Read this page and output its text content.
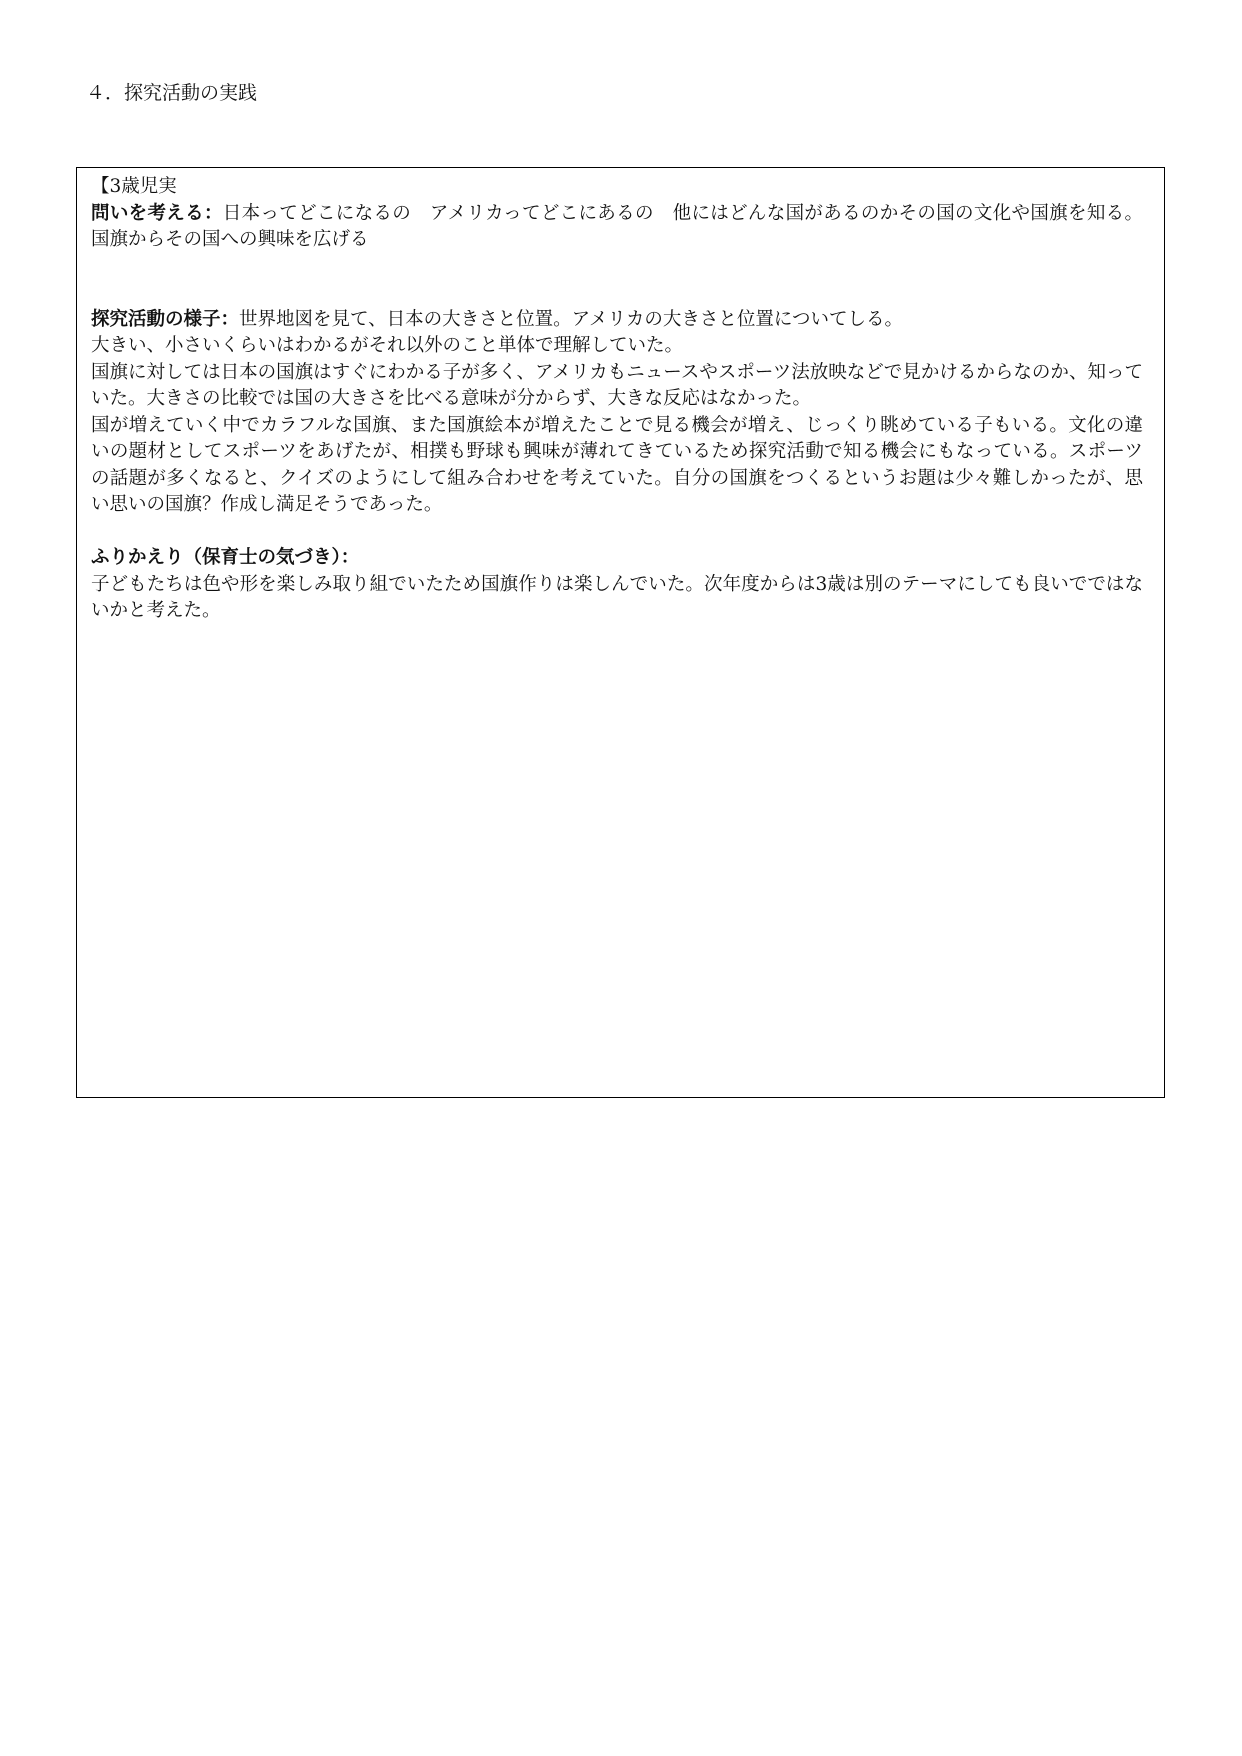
４．探究活動の実践

【3歳児実

問いを考える：日本ってどこになるの　アメリカってどこにあるの　他にはどんな国があるのかその国の文化や国旗を知る。国旗からその国への興味を広げる

探究活動の様子：世界地図を見て、日本の大きさと位置。アメリカの大きさと位置についてしる。

大きい、小さいくらいはわかるがそれ以外のこと単体で理解していた。

国旗に対しては日本の国旗はすぐにわかる子が多く、アメリカもニュースやスポーツ法放映などで見かけるからなのか、知っていた。大きさの比較では国の大きさを比べる意味が分からず、大きな反応はなかった。

国が増えていく中でカラフルな国旗、また国旗絵本が増えたことで見る機会が増え、じっくり眺めている子もいる。文化の違いの題材としてスポーツをあげたが、相撲も野球も興味が薄れてきているため探究活動で知る機会にもなっている。スポーツの話題が多くなると、クイズのようにして組み合わせを考えていた。自分の国旗をつくるというお題は少々難しかったが、思い思いの国旗？作成し満足そうであった。

ふりかえり（保育士の気づき）：

子どもたちは色や形を楽しみ取り組でいたため国旗作りは楽しんでいた。次年度からは3歳は別のテーマにしても良いでではないかと考えた。
